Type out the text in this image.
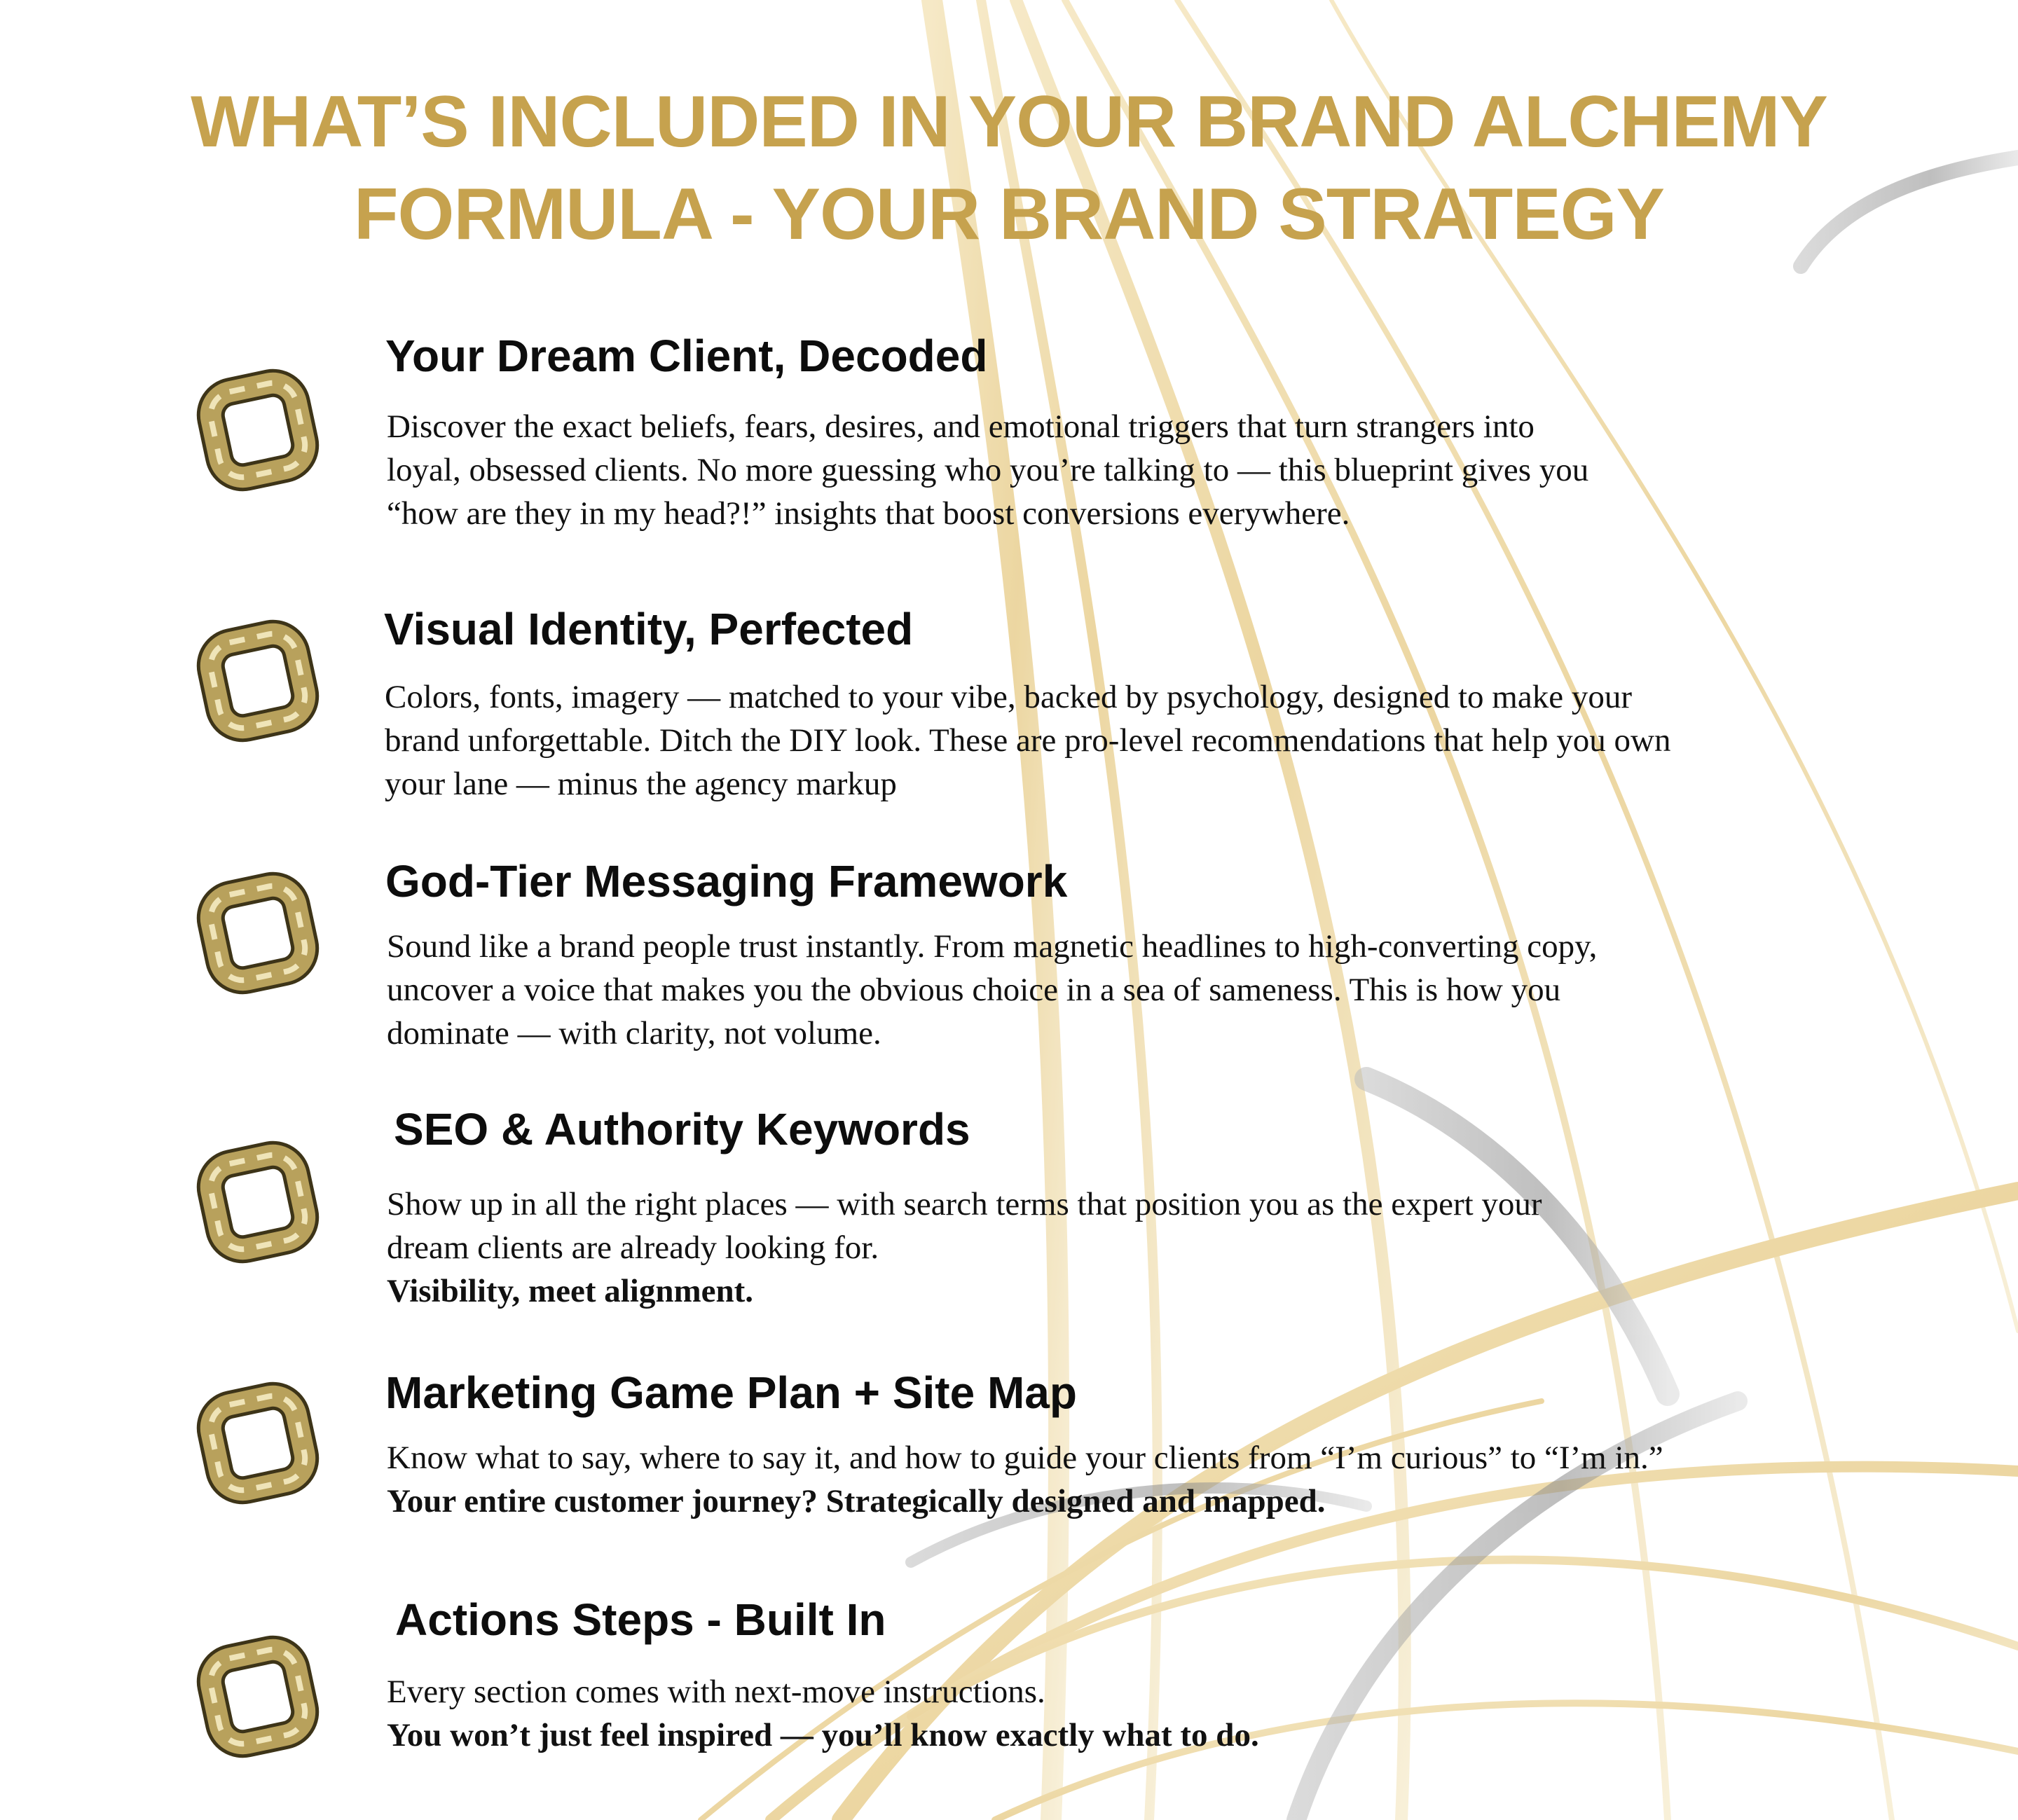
WHAT’S INCLUDED IN YOUR BRAND ALCHEMY
FORMULA - YOUR BRAND STRATEGY
Your Dream Client, Decoded

Discover the exact beliefs, fears, desires, and emotional triggers that turn strangers into
loyal, obsessed clients. No more guessing who you’re talking to — this blueprint gives you
“how are they in my head?!” insights that boost conversions everywhere.

Visual Identity, Perfected

Colors, fonts, imagery — matched to your vibe, backed by psychology, designed to make your
brand unforgettable. Ditch the DIY look. These are pro-level recommendations that help you own
your lane — minus the agency markup

God-Tier Messaging Framework

Sound like a brand people trust instantly. From magnetic headlines to high-converting copy,
uncover a voice that makes you the obvious choice in a sea of sameness. This is how you
dominate — with clarity, not volume.

SEO & Authority Keywords

Show up in all the right places — with search terms that position you as the expert your
dream clients are already looking for.
Visibility, meet alignment.

Marketing Game Plan + Site Map

Know what to say, where to say it, and how to guide your clients from “I’m curious” to “I’m in.”
Your entire customer journey? Strategically designed and mapped.

Actions Steps - Built In

Every section comes with next-move instructions.
You won’t just feel inspired — you’ll know exactly what to do.
